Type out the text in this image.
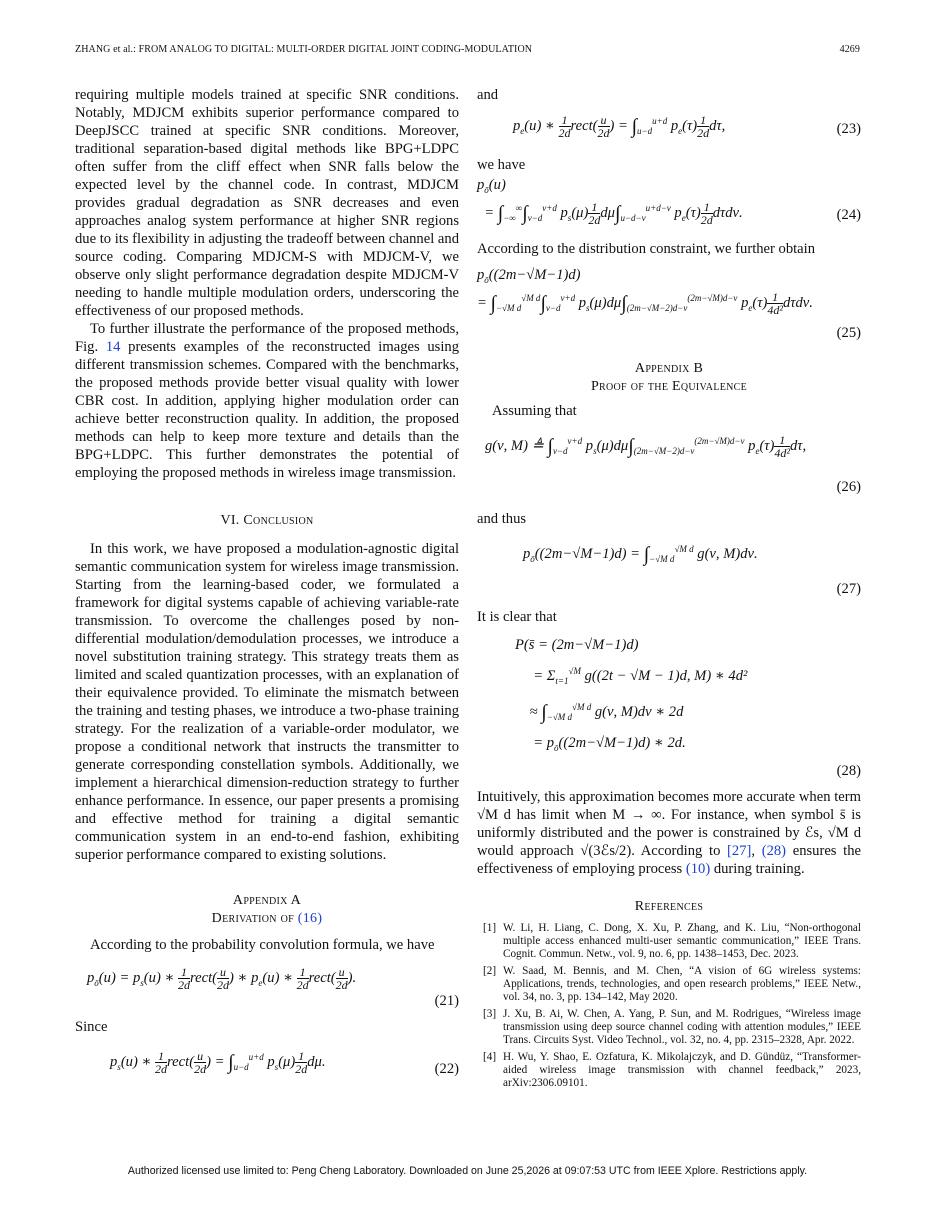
ZHANG et al.: FROM ANALOG TO DIGITAL: MULTI-ORDER DIGITAL JOINT CODING-MODULATION	4269

requiring multiple models trained at specific SNR conditions. Notably, MDJCM exhibits superior performance compared to DeepJSCC trained at specific SNR conditions. Moreover, traditional separation-based digital methods like BPG+LDPC often suffer from the cliff effect when SNR falls below the expected level by the channel code. In contrast, MDJCM provides gradual degradation as SNR decreases and even approaches analog system performance at higher SNR regions due to its flexibility in adjusting the tradeoff between channel and source coding. Comparing MDJCM-S with MDJCM-V, we observe only slight performance degradation despite MDJCM-V needing to handle multiple modulation orders, underscoring the effectiveness of our proposed methods.

To further illustrate the performance of the proposed methods, Fig. 14 presents examples of the reconstructed images using different transmission schemes. Compared with the benchmarks, the proposed methods provide better visual quality with lower CBR cost. In addition, applying higher modulation order can achieve better reconstruction quality. In addition, the proposed methods can help to keep more texture and details than the BPG+LDPC. This further demonstrates the potential of employing the proposed methods in wireless image transmission.

VI. Conclusion

In this work, we have proposed a modulation-agnostic digital semantic communication system for wireless image transmission. Starting from the learning-based coder, we formulated a framework for digital systems capable of achieving variable-rate transmission. To overcome the challenges posed by non-differential modulation/demodulation processes, we introduce a novel substitution training strategy. This strategy treats them as limited and scaled quantization processes, with an explanation of their equivalence provided. To eliminate the mismatch between the training and testing phases, we introduce a two-phase training strategy. For the realization of a variable-order modulator, we propose a conditional network that instructs the transmitter to generate corresponding constellation symbols. Additionally, we implement a hierarchical dimension-reduction strategy to further enhance performance. In essence, our paper presents a promising and effective method for training a digital semantic communication system in an end-to-end fashion, exhibiting superior performance compared to existing solutions.

Appendix A
Derivation of (16)

According to the probability convolution formula, we have

$p_ō(u) = p_s(u)$ ∗ $\frac{1}{2d}$ rect( $\frac{u}{2d}$ ) ∗ $p_e(u)$ ∗ $\frac{1}{2d}$ rect( $\frac{u}{2d}$ ).
(21)

Since

$p_s(u)$ ∗ $\frac{1}{2d}$ rect( $\frac{u}{2d}$ ) = $\int_{u-d}^{u+d}$ $p_s(\mu) \frac{1}{2d} d\mu$.	(22)

and

$p_e(u)$ ∗ $\frac{1}{2d}$ rect( $\frac{u}{2d}$ ) = $\int_{u-d}^{u+d}$ $p_e(\tau) \frac{1}{2d} d\tau$,	(23)

we have

$p_ō(u)$
= $\int_{-\infty}^\infty\int_{\nu-d}^{\nu+d}$ $p_s(\mu) \frac{1}{2d} d\mu\int_{u-d-\nu}^{u+d-\nu}$ $p_e(\tau) \frac{1}{2d} d\tau d\nu$.	(24)

According to the distribution constraint, we further obtain

$p_ō((2m-√M-1)d)$
= $\int_{-√M d}^{√M d}\int_{\nu-d}^{\nu+d}$ $p_s(\mu)d\mu\int_{(2m-√M-2)d-\nu}^{(2m-√M)d-\nu}$ $p_e(\tau) \frac{1}{\text{4d²}} d\tau d\nu$.
(25)
Appendix B
Proof of the Equivalence

Assuming that

g(ν, M) ≜ $\int_{\nu-d}^{\nu+d}$ $p_s(\mu)d\mu\int_{(2m-√M-2)d-\nu}^{(2m-√M)d-\nu}$ $p_e(\tau) \frac{1}{\text{4d²}} d\tau$,
(26)

and thus

$p_ō((2m-√M-1)d) = \int_{-√M d}^{√M d}$ g(ν, M)dν.
(27)

It is clear that

P(s̄ = (2m−√M−1)d)
= $\Sigma_{t=1}^{√M}$ g((2t − √M − 1)d, M) ∗ 4d²
≈ $\int_{-√M d}^{√M d}$ g(ν, M)dν ∗ 2d
= $p_ō((2m-√M-1)d)$ ∗ 2d.
(28)

Intuitively, this approximation becomes more accurate when term √M d has limit when M → ∞. For instance, when symbol s̄ is uniformly distributed and the power is constrained by ℰs, √M d would approach √(3ℰs/2). According to [27], (28) ensures the effectiveness of employing process (10) during training.

References
[1] W. Li, H. Liang, C. Dong, X. Xu, P. Zhang, and K. Liu, “Non-orthogonal multiple access enhanced multi-user semantic communication,” IEEE Trans. Cognit. Commun. Netw., vol. 9, no. 6, pp. 1438–1453, Dec. 2023.
[2] W. Saad, M. Bennis, and M. Chen, “A vision of 6G wireless systems: Applications, trends, technologies, and open research problems,” IEEE Netw., vol. 34, no. 3, pp. 134–142, May 2020.
[3] J. Xu, B. Ai, W. Chen, A. Yang, P. Sun, and M. Rodrigues, “Wireless image transmission using deep source channel coding with attention modules,” IEEE Trans. Circuits Syst. Video Technol., vol. 32, no. 4, pp. 2315–2328, Apr. 2022.
[4] H. Wu, Y. Shao, E. Ozfatura, K. Mikolajczyk, and D. Gündüz, “Transformer-aided wireless image transmission with channel feedback,” 2023, arXiv:2306.09101.
Authorized licensed use limited to: Peng Cheng Laboratory. Downloaded on June 25,2026 at 09:07:53 UTC from IEEE Xplore. Restrictions apply.
